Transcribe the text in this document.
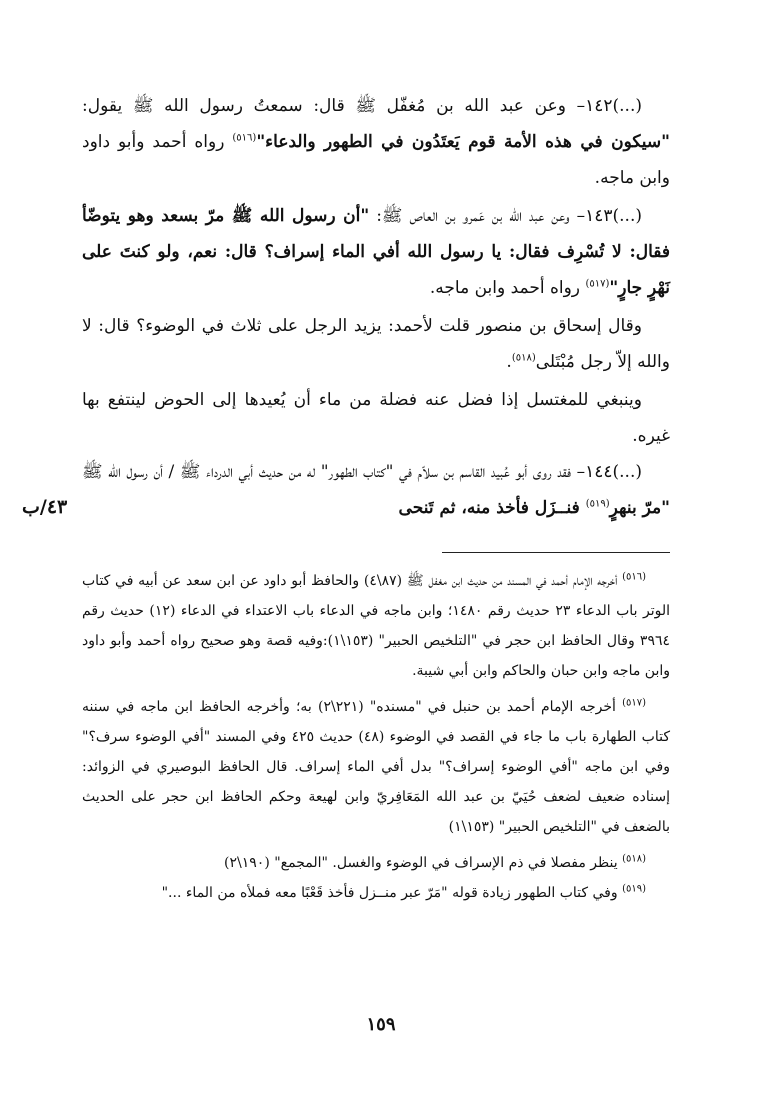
(...)١٤٢– وعن عبد الله بن مُغفّل ﷺ قال: سمعتُ رسول الله ﷺ يقول: "سيكون في هذه الأمة قوم يَعتَدُون في الطهور والدعاء"$^{(٥١٦)}$ رواه أحمد وأبو داود وابن ماجه.

(...)١٤٣– وعن عبد الله بن عَمرو بن العاص ﷺ: "أن رسول الله ﷺ مرّ بسعد وهو يتوضّأ فقال: لا تُسْرِف فقال: يا رسول الله أفي الماء إسراف؟ قال: نعم، ولو كنتَ على نَهْرٍ جارٍ"$^{(٥١٧)}$ رواه أحمد وابن ماجه.

وقال إسحاق بن منصور قلت لأحمد: يزيد الرجل على ثلاث في الوضوء؟ قال: لا والله إلاّ رجل مُبْتَلى$^{(٥١٨)}$.

وينبغي للمغتسل إذا فضل عنه فضلة من ماء أن يُعيدها إلى الحوض لينتفع بها غيره.

(...)١٤٤– فقد روى أبو عُبيد القاسم بن سلاّم في "كتاب الطهور" له من حديث أبي الدرداء ﷺ / أن رسول الله ﷺ "مرّ بنهرٍ$^{(٥١٩)}$ فنــزَل فأخذ منه، ثم تَنحى

٤٣/ب

$^{(٥١٦)}$ أخرجه الإمام أحمد في المسند من حديث ابن مغفل ﷺ (٨٧\٤) والحافظ أبو داود عن ابن سعد عن أبيه في كتاب الوتر باب الدعاء ٢٣ حديث رقم ١٤٨٠؛ وابن ماجه في الدعاء باب الاعتداء في الدعاء (١٢) حديث رقم ٣٩٦٤ وقال الحافظ ابن حجر في "التلخيص الحبير" (١٥٣\١):وفيه قصة وهو صحيح رواه أحمد وأبو داود وابن ماجه وابن حبان والحاكم وابن أبي شيبة.

$^{(٥١٧)}$ أخرجه الإمام أحمد بن حنبل في "مسنده" (٢٢١\٢) به؛ وأخرجه الحافظ ابن ماجه في سننه كتاب الطهارة باب ما جاء في القصد في الوضوء (٤٨) حديث ٤٢٥ وفي المسند "أفي الوضوء سرف؟" وفي ابن ماجه "أفي الوضوء إسراف؟" بدل أفي الماء إسراف. قال الحافظ البوصيري في الزوائد: إسناده ضعيف لضعف حُيَيّ بن عبد الله المَعَافِريّ وابن لهيعة وحكم الحافظ ابن حجر على الحديث بالضعف في "التلخيص الحبير" (١٥٣\١)

$^{(٥١٨)}$ ينظر مفصلا في ذم الإسراف في الوضوء والغسل. "المجمع" (١٩٠\٢)

$^{(٥١٩)}$ وفي كتاب الطهور زيادة قوله "مَرّ عبر منــزل فأخذ قَعْبًا معه فملأه من الماء ..."

١٥٩
